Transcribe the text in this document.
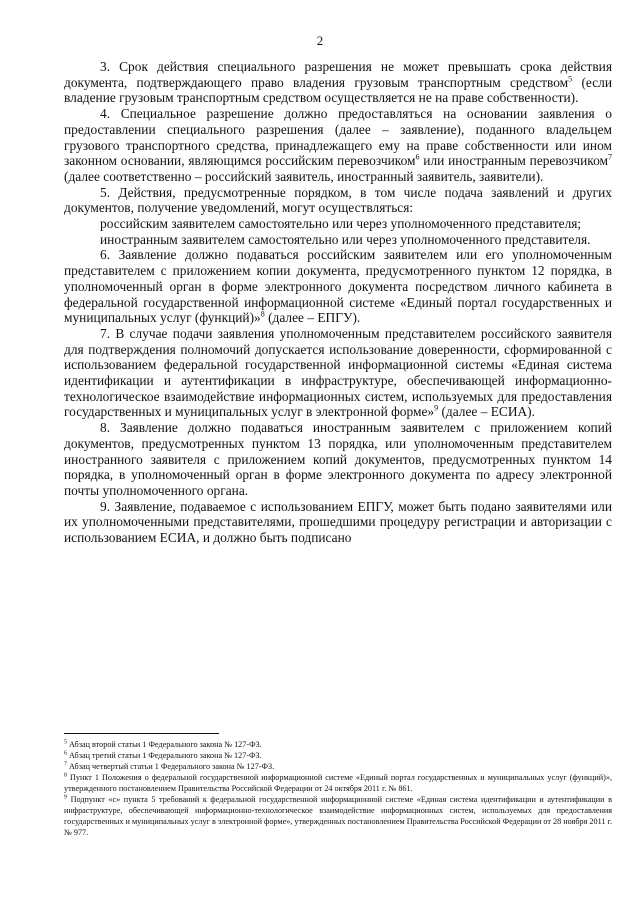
2

3. Срок действия специального разрешения не может превышать срока действия документа, подтверждающего право владения грузовым транспортным средством$^5$ (если владение грузовым транспортным средством осуществляется не на праве собственности).

4. Специальное разрешение должно предоставляться на основании заявления о предоставлении специального разрешения (далее – заявление), поданного владельцем грузового транспортного средства, принадлежащего ему на праве собственности или ином законном основании, являющимся российским перевозчиком$^6$ или иностранным перевозчиком$^7$ (далее соответственно – российский заявитель, иностранный заявитель, заявители).

5. Действия, предусмотренные порядком, в том числе подача заявлений и других документов, получение уведомлений, могут осуществляться:

российским заявителем самостоятельно или через уполномоченного представителя;

иностранным заявителем самостоятельно или через уполномоченного представителя.

6. Заявление должно подаваться российским заявителем или его уполномоченным представителем с приложением копии документа, предусмотренного пунктом 12 порядка, в уполномоченный орган в форме электронного документа посредством личного кабинета в федеральной государственной информационной системе «Единый портал государственных и муниципальных услуг (функций)»$^8$ (далее – ЕПГУ).

7. В случае подачи заявления уполномоченным представителем российского заявителя для подтверждения полномочий допускается использование доверенности, сформированной с использованием федеральной государственной информационной системы «Единая система идентификации и аутентификации в инфраструктуре, обеспечивающей информационно-технологическое взаимодействие информационных систем, используемых для предоставления государственных и муниципальных услуг в электронной форме»$^9$ (далее – ЕСИА).

8. Заявление должно подаваться иностранным заявителем с приложением копий документов, предусмотренных пунктом 13 порядка, или уполномоченным представителем иностранного заявителя с приложением копий документов, предусмотренных пунктом 14 порядка, в уполномоченный орган в форме электронного документа по адресу электронной почты уполномоченного органа.

9. Заявление, подаваемое с использованием ЕПГУ, может быть подано заявителями или их уполномоченными представителями, прошедшими процедуру регистрации и авторизации с использованием ЕСИА, и должно быть подписано

$^5$ Абзац второй статьи 1 Федерального закона № 127-ФЗ.

$^6$ Абзац третий статьи 1 Федерального закона № 127-ФЗ.

$^7$ Абзац четвертый статьи 1 Федерального закона № 127-ФЗ.

$^8$ Пункт 1 Положения о федеральной государственной информационной системе «Единый портал государственных и муниципальных услуг (функций)», утвержденного постановлением Правительства Российской Федерации от 24 октября 2011 г. № 861.

$^9$ Подпункт «с» пункта 5 требований к федеральной государственной информационной системе «Единая система идентификации и аутентификации в инфраструктуре, обеспечивающей информационно-технологическое взаимодействие информационных систем, используемых для предоставления государственных и муниципальных услуг в электронной форме», утвержденных постановлением Правительства Российской Федерации от 28 ноября 2011 г. № 977.
